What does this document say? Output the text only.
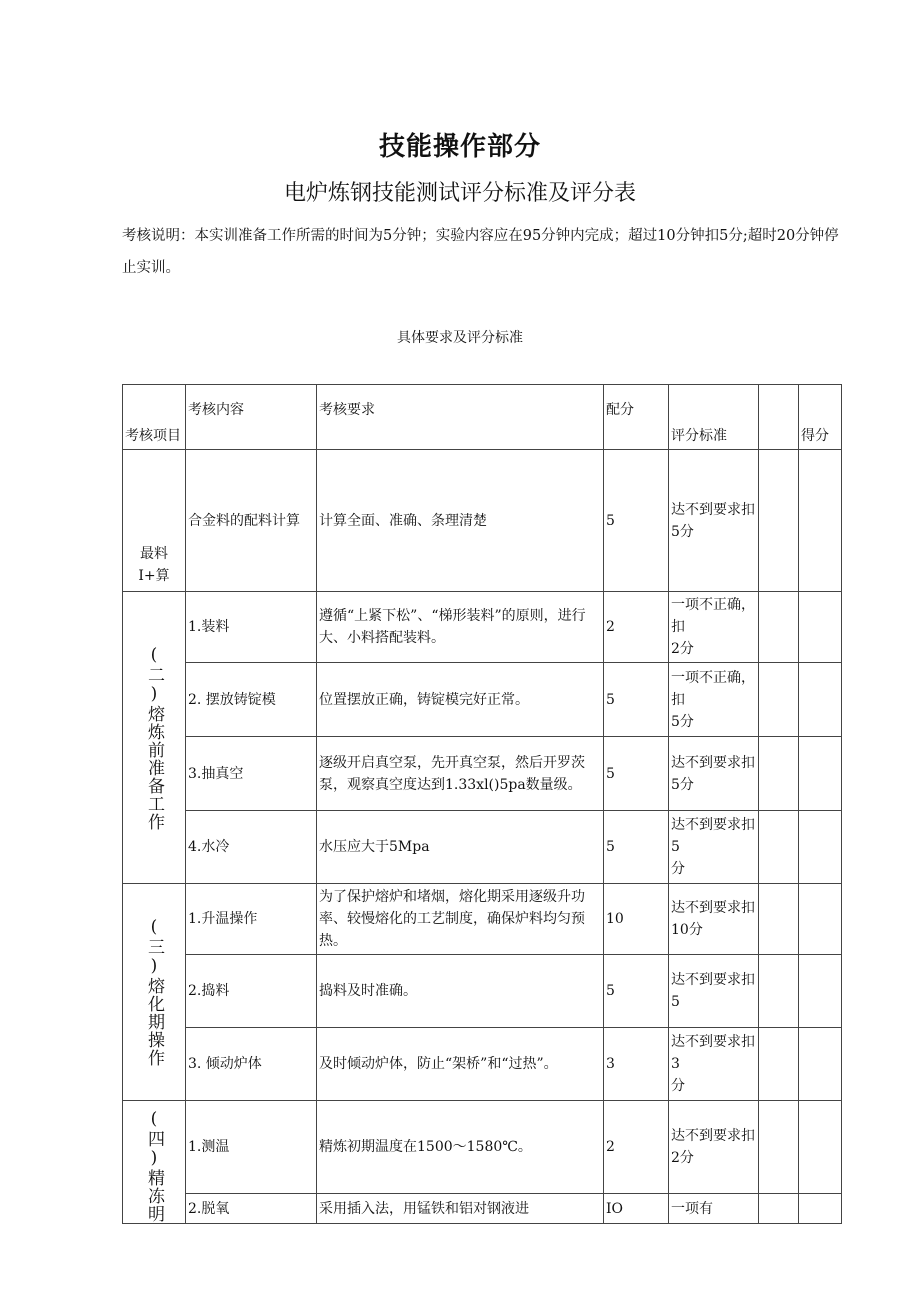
技能操作部分
电炉炼钢技能测试评分标准及评分表
考核说明：本实训准备工作所需的时间为5分钟；实验内容应在95分钟内完成；超过10分钟扣5分;超时20分钟停止实训。
具体要求及评分标准
考核项目	考核内容	考核要求	配分	评分标准		得分

最料
I+算	合金料的配料计算	计算全面、准确、条理清楚	5	达不到要求扣5分		

(二)熔炼前准备工作	1.装料	遵循“上紧下松”、“梯形装料”的原则，进行大、小料搭配装料。	2	一项不正确，扣
2分		
	2. 摆放铸锭模	位置摆放正确，铸锭模完好正常。	5	一项不正确，扣
5分		
	3.抽真空	逐级开启真空泵，先开真空泵，然后开罗茨泵，观察真空度达到1.33xl()5pa数量级。	5	达不到要求扣5分		
	4.水冷	水压应大于5Mpa	5	达不到要求扣5
分		

(三)熔化期操作	1.升温操作	为了保护熔炉和堵烟，熔化期采用逐级升功率、较慢熔化的工艺制度，确保炉料均匀预热。	10	达不到要求扣
10分		
	2.捣料	捣料及时准确。	5	达不到要求扣5		
	3. 倾动炉体	及时倾动炉体，防止“架桥”和“过热”。	3	达不到要求扣3
分		

(四)精冻明	1.测温	精炼初期温度在1500～1580℃。	2	达不到要求扣2分		
	2.脱氧	采用插入法，用锰铁和铝对钢液进	IO	一项有		
